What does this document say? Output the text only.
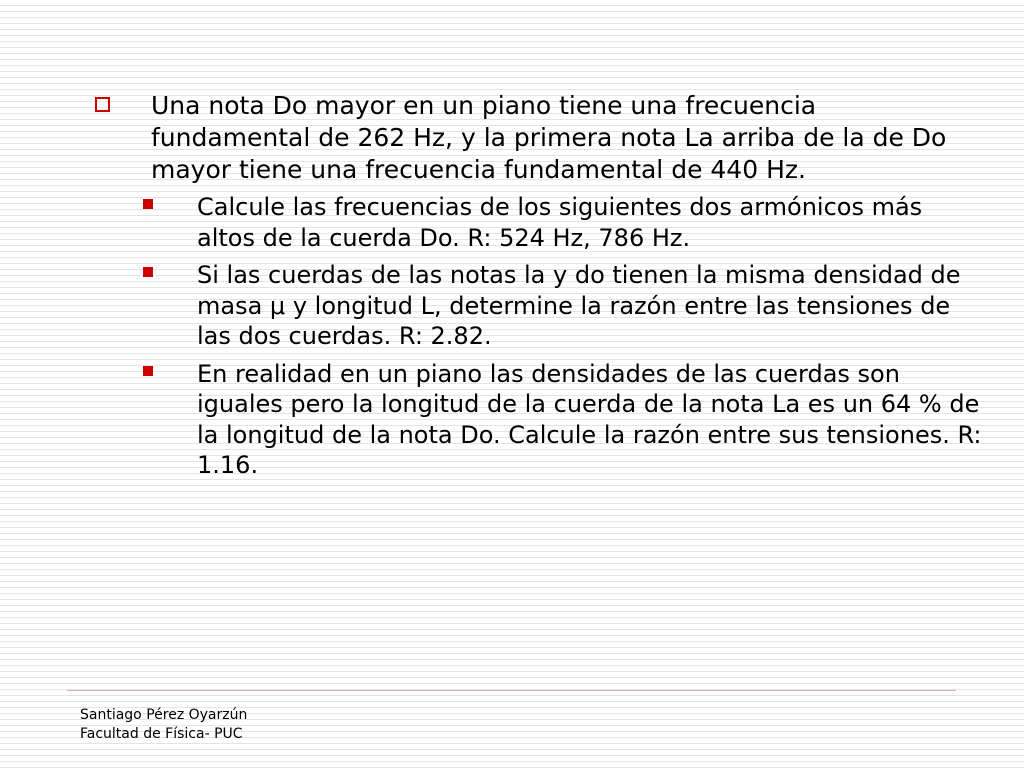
Una nota Do mayor en un piano tiene una frecuencia fundamental de 262 Hz, y la primera nota La arriba de la de Do mayor tiene una frecuencia fundamental de 440 Hz.
Calcule las frecuencias de los siguientes dos armónicos más altos de la cuerda Do. R: 524 Hz, 786 Hz.
Si las cuerdas de las notas la y do tienen la misma densidad de masa μ y longitud L, determine la razón entre las tensiones de las dos cuerdas. R: 2.82.
En realidad en un piano las densidades de las cuerdas son iguales pero la longitud de la cuerda de la nota La es un 64 % de la longitud de la nota Do. Calcule la razón entre sus tensiones. R: 1.16.
Santiago Pérez Oyarzún
Facultad de Física- PUC
